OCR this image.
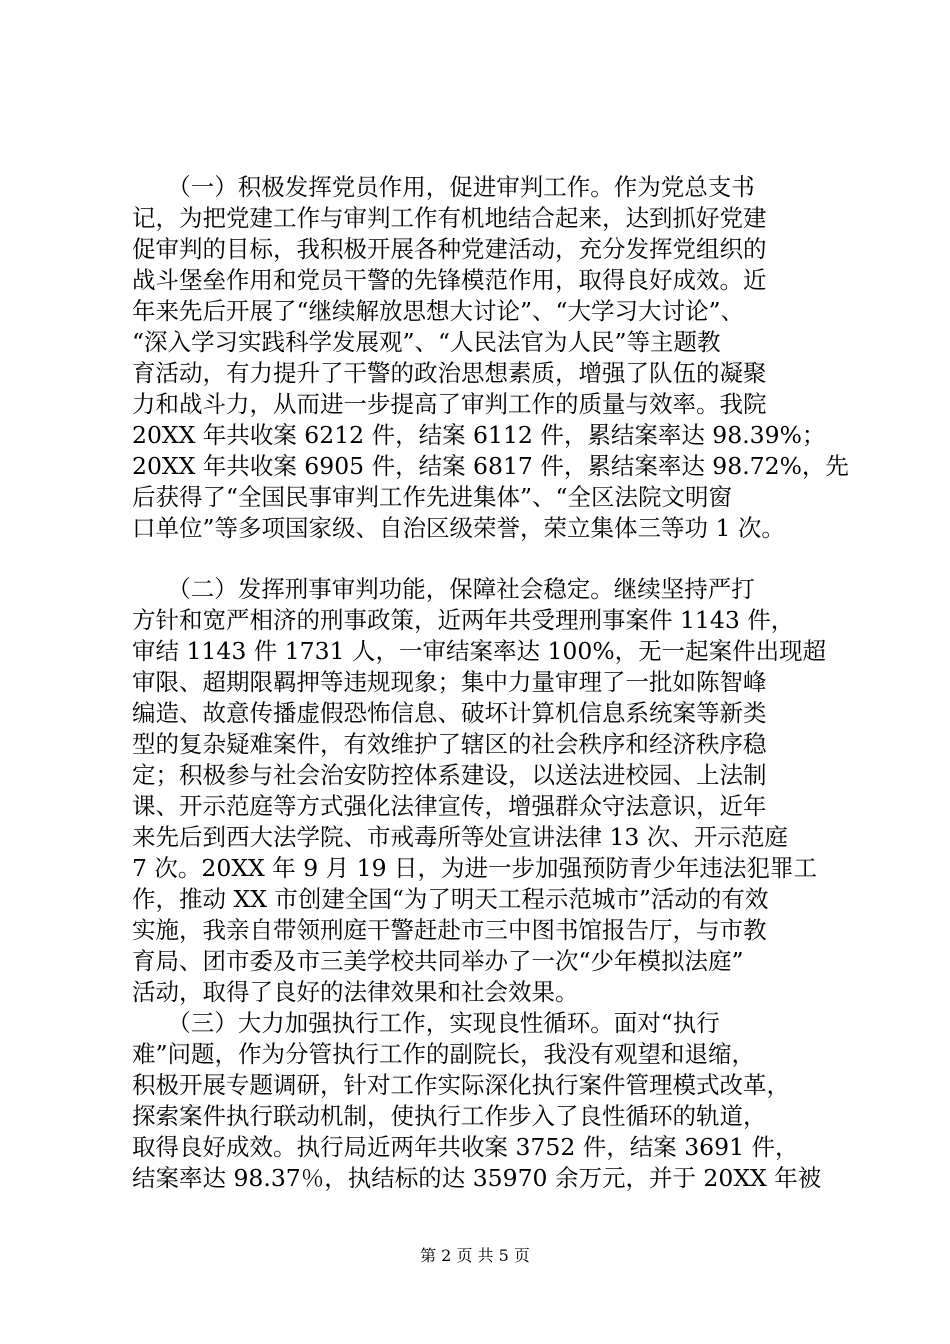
　　（一）积极发挥党员作用，促进审判工作。作为党总支书
记，为把党建工作与审判工作有机地结合起来，达到抓好党建
促审判的目标，我积极开展各种党建活动，充分发挥党组织的
战斗堡垒作用和党员干警的先锋模范作用，取得良好成效。近
年来先后开展了“继续解放思想大讨论”、“大学习大讨论”、
“深入学习实践科学发展观”、“人民法官为人民”等主题教
育活动，有力提升了干警的政治思想素质，增强了队伍的凝聚
力和战斗力，从而进一步提高了审判工作的质量与效率。我院
20XX 年共收案 6212 件，结案 6112 件，累结案率达 98.39%；
20XX 年共收案 6905 件，结案 6817 件，累结案率达 98.72%，先
后获得了“全国民事审判工作先进集体”、“全区法院文明窗
口单位”等多项国家级、自治区级荣誉，荣立集体三等功 1 次。
　　（二）发挥刑事审判功能，保障社会稳定。继续坚持严打
方针和宽严相济的刑事政策，近两年共受理刑事案件 1143 件，
审结 1143 件 1731 人，一审结案率达 100%，无一起案件出现超
审限、超期限羁押等违规现象；集中力量审理了一批如陈智峰
编造、故意传播虚假恐怖信息、破坏计算机信息系统案等新类
型的复杂疑难案件，有效维护了辖区的社会秩序和经济秩序稳
定；积极参与社会治安防控体系建设，以送法进校园、上法制
课、开示范庭等方式强化法律宣传，增强群众守法意识，近年
来先后到西大法学院、市戒毒所等处宣讲法律 13 次、开示范庭
7 次。20XX 年 9 月 19 日，为进一步加强预防青少年违法犯罪工
作，推动 XX 市创建全国“为了明天工程示范城市”活动的有效
实施，我亲自带领刑庭干警赶赴市三中图书馆报告厅，与市教
育局、团市委及市三美学校共同举办了一次“少年模拟法庭”
活动，取得了良好的法律效果和社会效果。
　　（三）大力加强执行工作，实现良性循环。面对“执行
难”问题，作为分管执行工作的副院长，我没有观望和退缩，
积极开展专题调研，针对工作实际深化执行案件管理模式改革，
探索案件执行联动机制，使执行工作步入了良性循环的轨道，
取得良好成效。执行局近两年共收案 3752 件，结案 3691 件，
结案率达 98.37％，执结标的达 35970 余万元，并于 20XX 年被
第 2 页 共 5 页
